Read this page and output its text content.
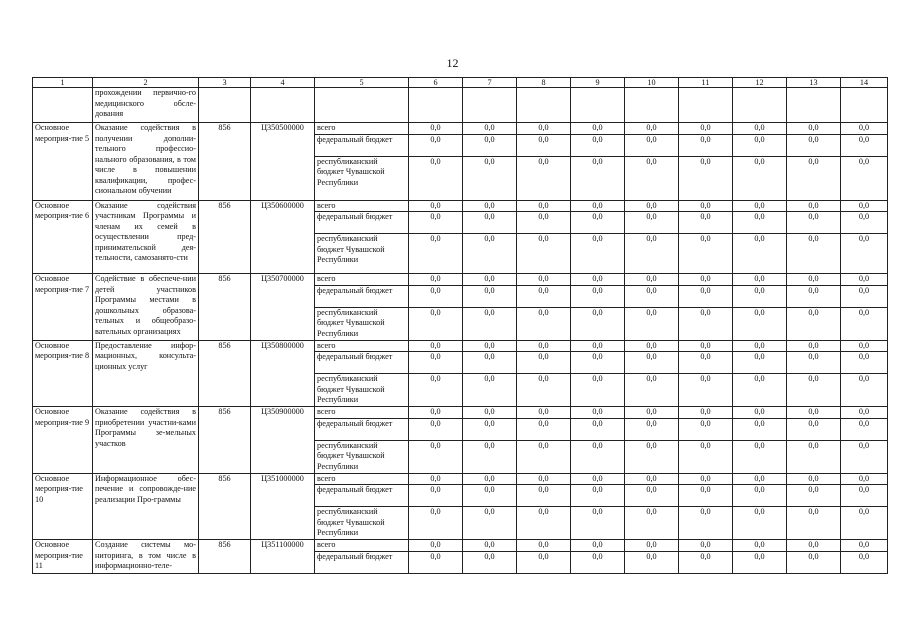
12
1	2	3	4	5	6	7	8	9	10	11	12	13	14
	прохождении первично-го медицинского обсле-дования												
Основное мероприя-тие 5	Оказание содействия в получении дополни-тельного профессио-нального образования, в том числе в повышении квалификации, профес-сиональном обучении	856	Ц350500000	всего	0,0	0,0	0,0	0,0	0,0	0,0	0,0	0,0	0,0
				федеральный бюджет	0,0	0,0	0,0	0,0	0,0	0,0	0,0	0,0	0,0
				республиканский бюджет Чувашской Республики	0,0	0,0	0,0	0,0	0,0	0,0	0,0	0,0	0,0
Основное мероприя-тие 6	Оказание содействия участникам Программы и членам их семей в осуществлении пред-принимательской дея-тельности, самозанято-сти	856	Ц350600000	всего	0,0	0,0	0,0	0,0	0,0	0,0	0,0	0,0	0,0
				федеральный бюджет	0,0	0,0	0,0	0,0	0,0	0,0	0,0	0,0	0,0
				республиканский бюджет Чувашской Республики	0,0	0,0	0,0	0,0	0,0	0,0	0,0	0,0	0,0
Основное мероприя-тие 7	Содействие в обеспече-нии детей участников Программы местами в дошкольных образова-тельных и общеобразо-вательных организациях	856	Ц350700000	всего	0,0	0,0	0,0	0,0	0,0	0,0	0,0	0,0	0,0
				федеральный бюджет	0,0	0,0	0,0	0,0	0,0	0,0	0,0	0,0	0,0
				республиканский бюджет Чувашской Республики	0,0	0,0	0,0	0,0	0,0	0,0	0,0	0,0	0,0
Основное мероприя-тие 8	Предоставление инфор-мационных, консульта-ционных услуг	856	Ц350800000	всего	0,0	0,0	0,0	0,0	0,0	0,0	0,0	0,0	0,0
				федеральный бюджет	0,0	0,0	0,0	0,0	0,0	0,0	0,0	0,0	0,0
				республиканский бюджет Чувашской Республики	0,0	0,0	0,0	0,0	0,0	0,0	0,0	0,0	0,0
Основное мероприя-тие 9	Оказание содействия в приобретении участни-ками Программы зе-мельных участков	856	Ц350900000	всего	0,0	0,0	0,0	0,0	0,0	0,0	0,0	0,0	0,0
				федеральный бюджет	0,0	0,0	0,0	0,0	0,0	0,0	0,0	0,0	0,0
				республиканский бюджет Чувашской Республики	0,0	0,0	0,0	0,0	0,0	0,0	0,0	0,0	0,0
Основное мероприя-тие 10	Информационное обес-печение и сопровожде-ние реализации Про-граммы	856	Ц351000000	всего	0,0	0,0	0,0	0,0	0,0	0,0	0,0	0,0	0,0
				федеральный бюджет	0,0	0,0	0,0	0,0	0,0	0,0	0,0	0,0	0,0
				республиканский бюджет Чувашской Республики	0,0	0,0	0,0	0,0	0,0	0,0	0,0	0,0	0,0
Основное мероприя-тие 11	Создание системы мо-ниторинга, в том числе в информационно-теле-	856	Ц351100000	всего	0,0	0,0	0,0	0,0	0,0	0,0	0,0	0,0	0,0
				федеральный бюджет	0,0	0,0	0,0	0,0	0,0	0,0	0,0	0,0	0,0
